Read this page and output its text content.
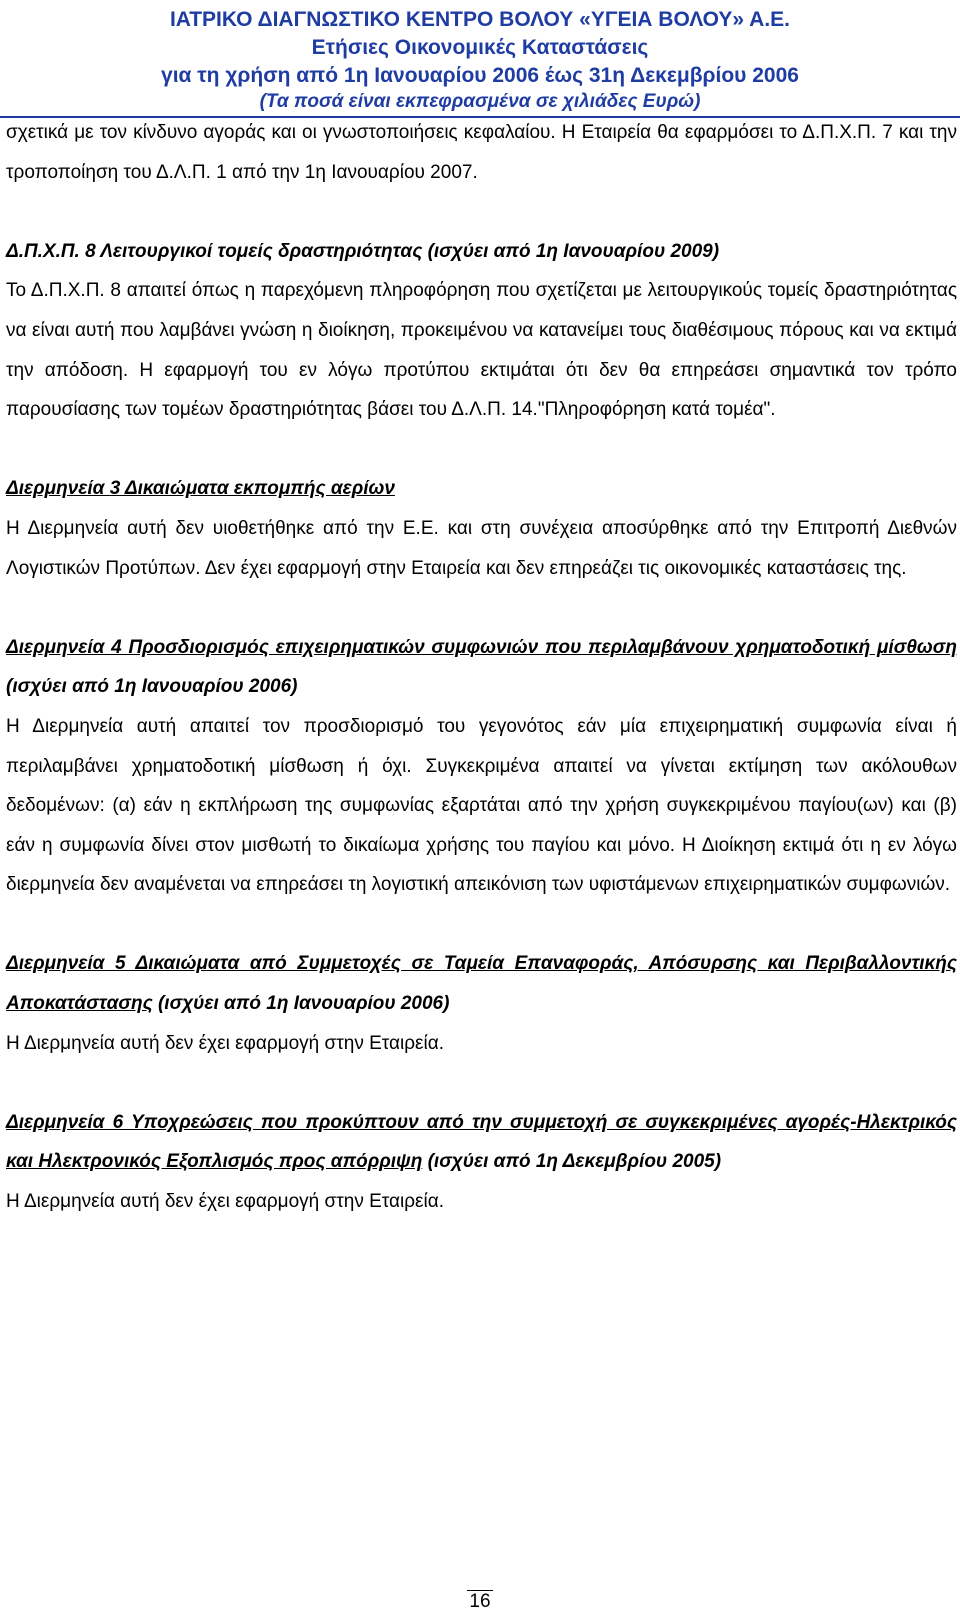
ΙΑΤΡΙΚΟ ΔΙΑΓΝΩΣΤΙΚΟ ΚΕΝΤΡΟ ΒΟΛΟΥ «ΥΓΕΙΑ ΒΟΛΟΥ» Α.Ε.
Ετήσιες Οικονομικές Καταστάσεις
για τη χρήση από 1η Ιανουαρίου 2006 έως 31η Δεκεμβρίου 2006
(Τα ποσά είναι εκπεφρασμένα σε χιλιάδες Ευρώ)

σχετικά με τον κίνδυνο αγοράς και οι γνωστοποιήσεις κεφαλαίου. Η Εταιρεία θα εφαρμόσει το Δ.Π.Χ.Π. 7 και την τροποποίηση του Δ.Λ.Π. 1 από την 1η Ιανουαρίου 2007.

Δ.Π.Χ.Π. 8 Λειτουργικοί τομείς δραστηριότητας (ισχύει από 1η Ιανουαρίου 2009)

Το Δ.Π.Χ.Π. 8 απαιτεί όπως η παρεχόμενη πληροφόρηση που σχετίζεται με λειτουργικούς τομείς δραστηριότητας να είναι αυτή που λαμβάνει γνώση η διοίκηση, προκειμένου να κατανείμει τους διαθέσιμους πόρους και να εκτιμά την απόδοση. Η εφαρμογή του εν λόγω προτύπου εκτιμάται ότι δεν θα επηρεάσει σημαντικά τον τρόπο παρουσίασης των τομέων δραστηριότητας βάσει του Δ.Λ.Π. 14."Πληροφόρηση κατά τομέα".

Διερμηνεία 3 Δικαιώματα εκπομπής αερίων

Η Διερμηνεία αυτή δεν υιοθετήθηκε από την Ε.Ε. και στη συνέχεια αποσύρθηκε από την Επιτροπή Διεθνών Λογιστικών Προτύπων. Δεν έχει εφαρμογή στην Εταιρεία και δεν επηρεάζει τις οικονομικές καταστάσεις της.

Διερμηνεία 4 Προσδιορισμός επιχειρηματικών συμφωνιών που περιλαμβάνουν χρηματοδοτική μίσθωση (ισχύει από 1η Ιανουαρίου 2006)

Η Διερμηνεία αυτή απαιτεί τον προσδιορισμό του γεγονότος εάν μία επιχειρηματική συμφωνία είναι ή περιλαμβάνει χρηματοδοτική μίσθωση ή όχι. Συγκεκριμένα απαιτεί να γίνεται εκτίμηση των ακόλουθων δεδομένων: (α) εάν η εκπλήρωση της συμφωνίας εξαρτάται από την χρήση συγκεκριμένου παγίου(ων) και (β) εάν η συμφωνία δίνει στον μισθωτή το δικαίωμα χρήσης του παγίου και μόνο. Η Διοίκηση εκτιμά ότι η εν λόγω διερμηνεία δεν αναμένεται να επηρεάσει τη λογιστική απεικόνιση των υφιστάμενων επιχειρηματικών συμφωνιών.

Διερμηνεία 5 Δικαιώματα από Συμμετοχές σε Ταμεία Επαναφοράς, Απόσυρσης και Περιβαλλοντικής Αποκατάστασης (ισχύει από 1η Ιανουαρίου 2006)

Η Διερμηνεία αυτή δεν έχει εφαρμογή στην Εταιρεία.

Διερμηνεία 6 Υποχρεώσεις που προκύπτουν από την συμμετοχή σε συγκεκριμένες αγορές-Ηλεκτρικός και Ηλεκτρονικός Εξοπλισμός προς απόρριψη (ισχύει από 1η Δεκεμβρίου 2005)

Η Διερμηνεία αυτή δεν έχει εφαρμογή στην Εταιρεία.

16
